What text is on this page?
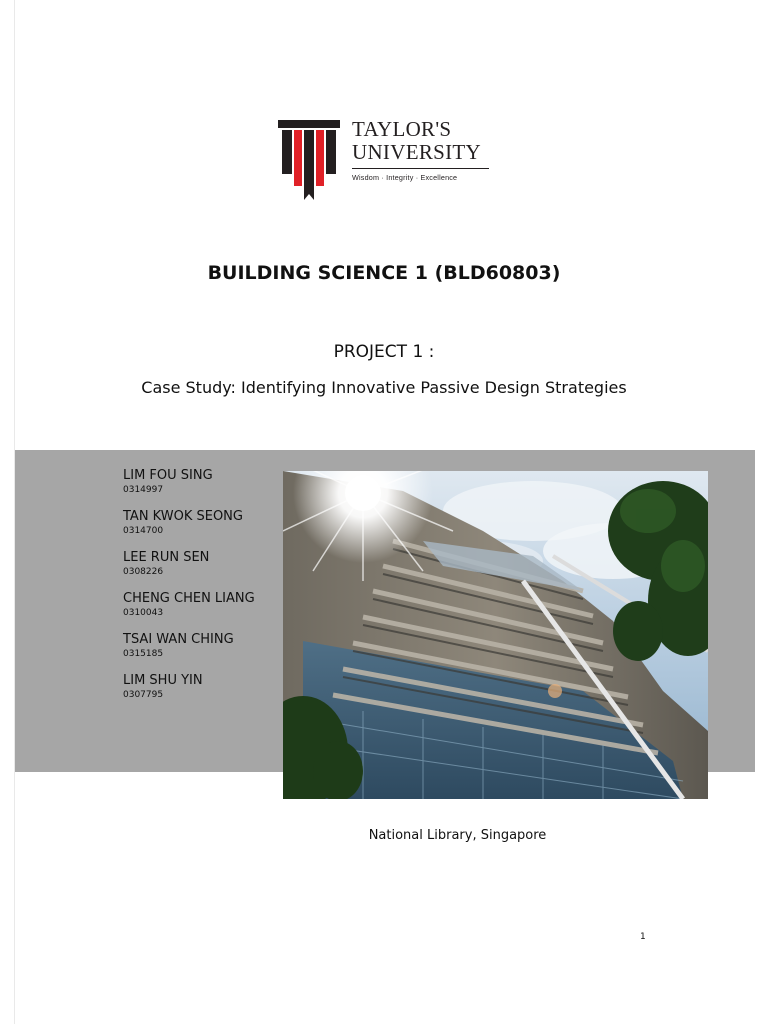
TAYLOR'S
UNIVERSITY
Wisdom · Integrity · Excellence
BUILDING SCIENCE 1 (BLD60803)
PROJECT 1 :
Case Study: Identifying Innovative Passive Design Strategies
LIM FOU SING
0314997
TAN KWOK SEONG
0314700
LEE RUN SEN
0308226
CHENG CHEN LIANG
0310043
TSAI WAN CHING
0315185
LIM SHU YIN
0307795
National Library, Singapore
1
